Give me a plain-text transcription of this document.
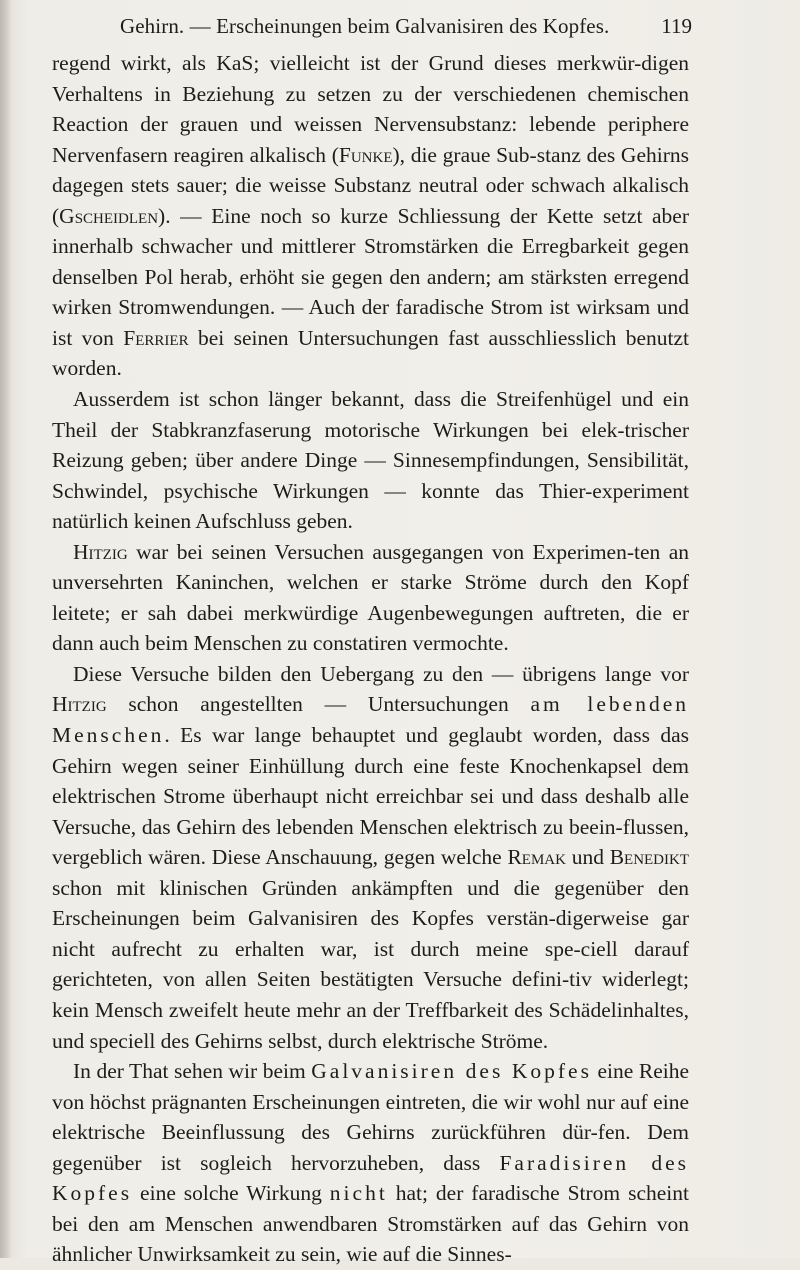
Gehirn. — Erscheinungen beim Galvanisiren des Kopfes. 119

regend wirkt, als KaS; vielleicht ist der Grund dieses merkwür-digen Verhaltens in Beziehung zu setzen zu der verschiedenen chemischen Reaction der grauen und weissen Nervensubstanz: lebende periphere Nervenfasern reagiren alkalisch (Funke), die graue Sub-stanz des Gehirns dagegen stets sauer; die weisse Substanz neutral oder schwach alkalisch (Gscheidlen). — Eine noch so kurze Schliessung der Kette setzt aber innerhalb schwacher und mittlerer Stromstärken die Erregbarkeit gegen denselben Pol herab, erhöht sie gegen den andern; am stärksten erregend wirken Stromwendungen. — Auch der faradische Strom ist wirksam und ist von Ferrier bei seinen Untersuchungen fast ausschliesslich benutzt worden.

Ausserdem ist schon länger bekannt, dass die Streifenhügel und ein Theil der Stabkranzfaserung motorische Wirkungen bei elek-trischer Reizung geben; über andere Dinge — Sinnesempfindungen, Sensibilität, Schwindel, psychische Wirkungen — konnte das Thier-experiment natürlich keinen Aufschluss geben.

Hitzig war bei seinen Versuchen ausgegangen von Experimen-ten an unversehrten Kaninchen, welchen er starke Ströme durch den Kopf leitete; er sah dabei merkwürdige Augenbewegungen auftreten, die er dann auch beim Menschen zu constatiren vermochte.

Diese Versuche bilden den Uebergang zu den — übrigens lange vor Hitzig schon angestellten — Untersuchungen am lebenden Menschen. Es war lange behauptet und geglaubt worden, dass das Gehirn wegen seiner Einhüllung durch eine feste Knochenkapsel dem elektrischen Strome überhaupt nicht erreichbar sei und dass deshalb alle Versuche, das Gehirn des lebenden Menschen elektrisch zu beein-flussen, vergeblich wären. Diese Anschauung, gegen welche Remak und Benedikt schon mit klinischen Gründen ankämpften und die gegenüber den Erscheinungen beim Galvanisiren des Kopfes verstän-digerweise gar nicht aufrecht zu erhalten war, ist durch meine spe-ciell darauf gerichteten, von allen Seiten bestätigten Versuche defini-tiv widerlegt; kein Mensch zweifelt heute mehr an der Treffbarkeit des Schädelinhaltes, und speciell des Gehirns selbst, durch elektrische Ströme.

In der That sehen wir beim Galvanisiren des Kopfes eine Reihe von höchst prägnanten Erscheinungen eintreten, die wir wohl nur auf eine elektrische Beeinflussung des Gehirns zurückführen dür-fen. Dem gegenüber ist sogleich hervorzuheben, dass Faradisiren des Kopfes eine solche Wirkung nicht hat; der faradische Strom scheint bei den am Menschen anwendbaren Stromstärken auf das Gehirn von ähnlicher Unwirksamkeit zu sein, wie auf die Sinnes-
